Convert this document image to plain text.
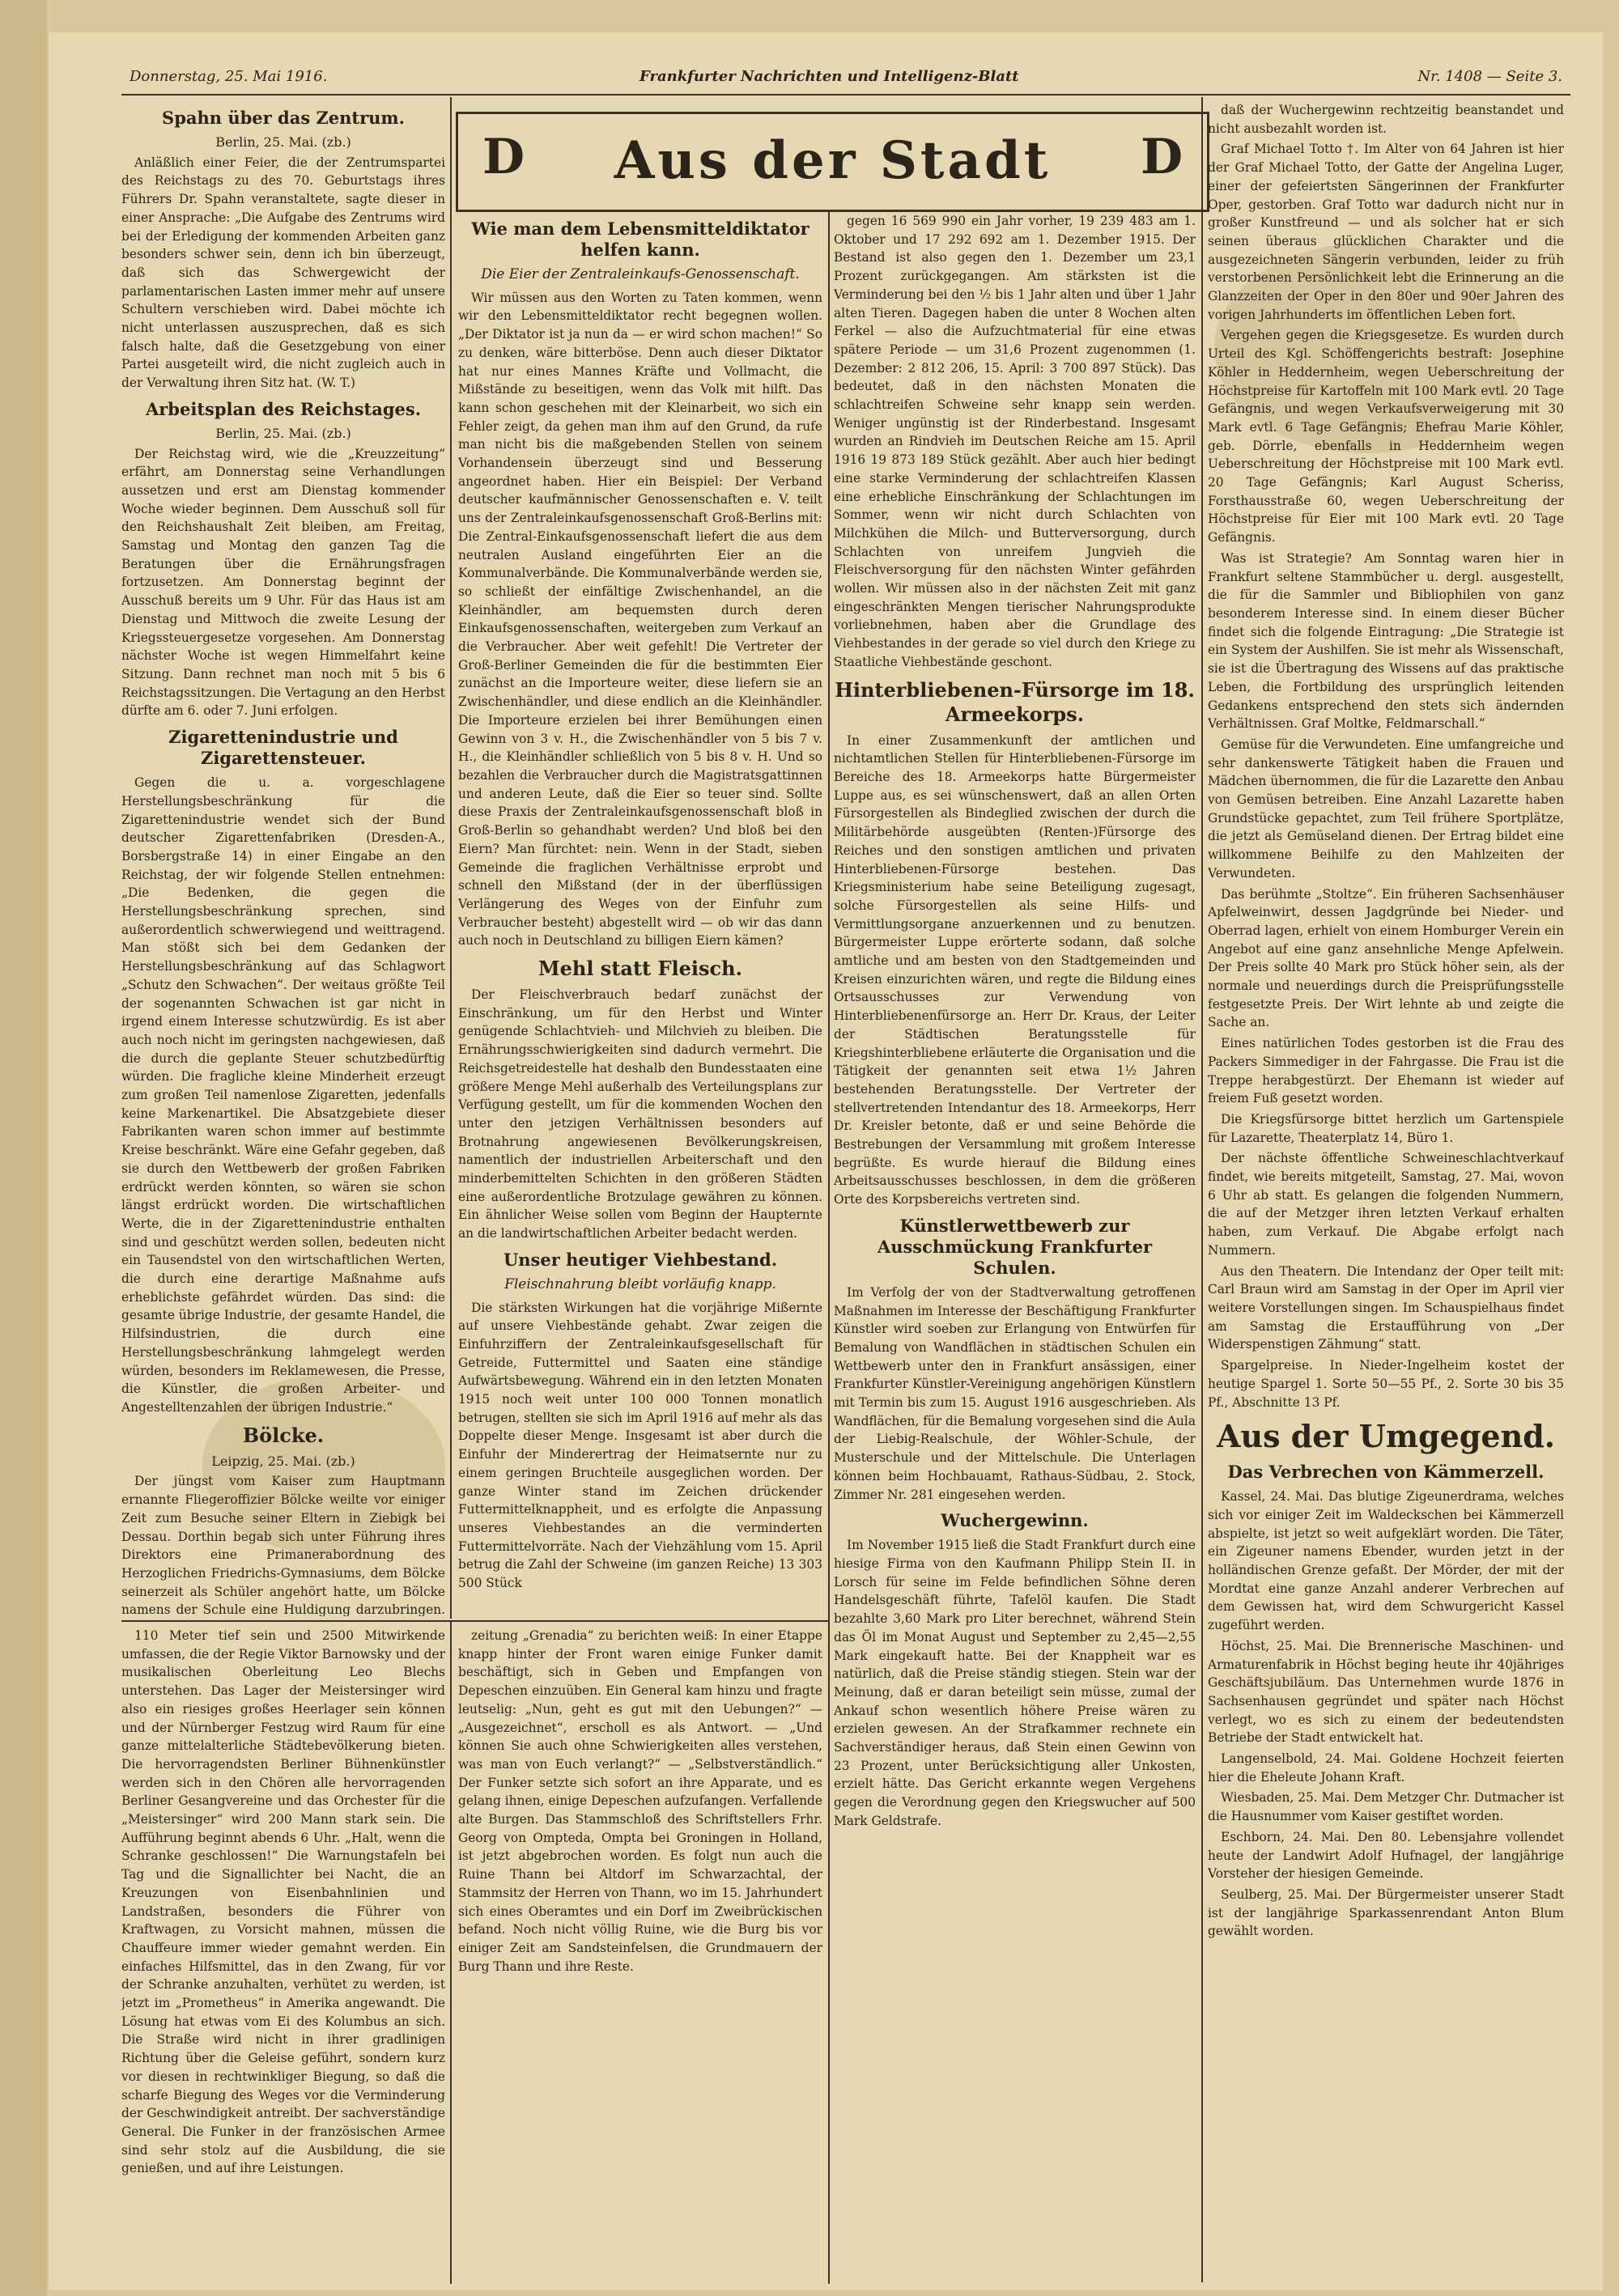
Donnerstag, 25. Mai 1916.	Frankfurter Nachrichten und Intelligenz-Blatt	Nr. 1408 — Seite 3.
D	Aus der Stadt	D
Spahn über das Zentrum.
Berlin, 25. Mai. (zb.)

Anläßlich einer Feier, die der Zentrumspartei des Reichstags zu des 70. Geburtstags ihres Führers Dr. Spahn veranstaltete, sagte dieser in einer Ansprache: „Die Aufgabe des Zentrums wird bei der Erledigung der kommenden Arbeiten ganz besonders schwer sein, denn ich bin überzeugt, daß sich das Schwergewicht der parlamentarischen Lasten immer mehr auf unsere Schultern verschieben wird. Dabei möchte ich nicht unterlassen auszusprechen, daß es sich falsch halte, daß die Gesetzgebung von einer Partei ausgeteilt wird, die nicht zugleich auch in der Verwaltung ihren Sitz hat. (W. T.)

Arbeitsplan des Reichstages.
Berlin, 25. Mai. (zb.)

Der Reichstag wird, wie die „Kreuzzeitung“ erfährt, am Donnerstag seine Verhandlungen aussetzen und erst am Dienstag kommender Woche wieder beginnen. Dem Ausschuß soll für den Reichshaushalt Zeit bleiben, am Freitag, Samstag und Montag den ganzen Tag die Beratungen über die Ernährungsfragen fortzusetzen. Am Donnerstag beginnt der Ausschuß bereits um 9 Uhr. Für das Haus ist am Dienstag und Mittwoch die zweite Lesung der Kriegssteuergesetze vorgesehen. Am Donnerstag nächster Woche ist wegen Himmelfahrt keine Sitzung. Dann rechnet man noch mit 5 bis 6 Reichstagssitzungen. Die Vertagung an den Herbst dürfte am 6. oder 7. Juni erfolgen.

Zigarettenindustrie und Zigarettensteuer.

Gegen die u. a. vorgeschlagene Herstellungsbeschränkung für die Zigarettenindustrie wendet sich der Bund deutscher Zigarettenfabriken (Dresden-A., Borsbergstraße 14) in einer Eingabe an den Reichstag, der wir folgende Stellen entnehmen: „Die Bedenken, die gegen die Herstellungsbeschränkung sprechen, sind außerordentlich schwerwiegend und weittragend. Man stößt sich bei dem Gedanken der Herstellungsbeschränkung auf das Schlagwort „Schutz den Schwachen“. Der weitaus größte Teil der sogenannten Schwachen ist gar nicht in irgend einem Interesse schutzwürdig. Es ist aber auch noch nicht im geringsten nachgewiesen, daß die durch die geplante Steuer schutzbedürftig würden. Die fragliche kleine Minderheit erzeugt zum großen Teil namenlose Zigaretten, jedenfalls keine Markenartikel. Die Absatzgebiete dieser Fabrikanten waren schon immer auf bestimmte Kreise beschränkt. Wäre eine Gefahr gegeben, daß sie durch den Wettbewerb der großen Fabriken erdrückt werden könnten, so wären sie schon längst erdrückt worden. Die wirtschaftlichen Werte, die in der Zigarettenindustrie enthalten sind und geschützt werden sollen, bedeuten nicht ein Tausendstel von den wirtschaftlichen Werten, die durch eine derartige Maßnahme aufs erheblichste gefährdet würden. Das sind: die gesamte übrige Industrie, der gesamte Handel, die Hilfsindustrien, die durch eine Herstellungsbeschränkung lahmgelegt werden würden, besonders im Reklamewesen, die Presse, die Künstler, die großen Arbeiter- und Angestelltenzahlen der übrigen Industrie.“

Bölcke.
Leipzig, 25. Mai. (zb.)

Der jüngst vom Kaiser zum Hauptmann ernannte Fliegeroffizier Bölcke weilte vor einiger Zeit zum Besuche seiner Eltern in Ziebigk bei Dessau. Dorthin begab sich unter Führung ihres Direktors eine Primanerabordnung des Herzoglichen Friedrichs-Gymnasiums, dem Bölcke seinerzeit als Schüler angehört hatte, um Bölcke namens der Schule eine Huldigung darzubringen.

Wie man dem Lebensmitteldiktator helfen kann.
Die Eier der Zentraleinkaufs-Genossenschaft.

Wir müssen aus den Worten zu Taten kommen, wenn wir den Lebensmitteldiktator recht begegnen wollen. „Der Diktator ist ja nun da — er wird schon machen!“ So zu denken, wäre bitterböse. Denn auch dieser Diktator hat nur eines Mannes Kräfte und Vollmacht, die Mißstände zu beseitigen, wenn das Volk mit hilft. Das kann schon geschehen mit der Kleinarbeit, wo sich ein Fehler zeigt, da gehen man ihm auf den Grund, da rufe man nicht bis die maßgebenden Stellen von seinem Vorhandensein überzeugt sind und Besserung angeordnet haben. Hier ein Beispiel: Der Verband deutscher kaufmännischer Genossenschaften e. V. teilt uns der Zentraleinkaufsgenossenschaft Groß-Berlins mit: Die Zentral-Einkaufsgenossenschaft liefert die aus dem neutralen Ausland eingeführten Eier an die Kommunalverbände. Die Kommunalverbände werden sie, so schließt der einfältige Zwischenhandel, an die Kleinhändler, am bequemsten durch deren Einkaufsgenossenschaften, weitergeben zum Verkauf an die Verbraucher. Aber weit gefehlt! Die Vertreter der Groß-Berliner Gemeinden die für die bestimmten Eier zunächst an die Importeure weiter, diese liefern sie an Zwischenhändler, und diese endlich an die Kleinhändler. Die Importeure erzielen bei ihrer Bemühungen einen Gewinn von 3 v. H., die Zwischenhändler von 5 bis 7 v. H., die Kleinhändler schließlich von 5 bis 8 v. H. Und so bezahlen die Verbraucher durch die Magistratsgattinnen und anderen Leute, daß die Eier so teuer sind. Sollte diese Praxis der Zentraleinkaufsgenossenschaft bloß in Groß-Berlin so gehandhabt werden? Und bloß bei den Eiern? Man fürchtet: nein. Wenn in der Stadt, sieben Gemeinde die fraglichen Verhältnisse erprobt und schnell den Mißstand (der in der überflüssigen Verlängerung des Weges von der Einfuhr zum Verbraucher besteht) abgestellt wird — ob wir das dann auch noch in Deutschland zu billigen Eiern kämen?

Mehl statt Fleisch.

Der Fleischverbrauch bedarf zunächst der Einschränkung, um für den Herbst und Winter genügende Schlachtvieh- und Milchvieh zu bleiben. Die Ernährungsschwierigkeiten sind dadurch vermehrt. Die Reichsgetreidestelle hat deshalb den Bundesstaaten eine größere Menge Mehl außerhalb des Verteilungsplans zur Verfügung gestellt, um für die kommenden Wochen den unter den jetzigen Verhältnissen besonders auf Brotnahrung angewiesenen Bevölkerungskreisen, namentlich der industriellen Arbeiterschaft und den minderbemittelten Schichten in den größeren Städten eine außerordentliche Brotzulage gewähren zu können. Ein ähnlicher Weise sollen vom Beginn der Haupternte an die landwirtschaftlichen Arbeiter bedacht werden.

Unser heutiger Viehbestand.
Fleischnahrung bleibt vorläufig knapp.

Die stärksten Wirkungen hat die vorjährige Mißernte auf unsere Viehbestände gehabt. Zwar zeigen die Einfuhrziffern der Zentraleinkaufsgesellschaft für Getreide, Futtermittel und Saaten eine ständige Aufwärtsbewegung. Während ein in den letzten Monaten 1915 noch weit unter 100 000 Tonnen monatlich betrugen, stellten sie sich im April 1916 auf mehr als das Doppelte dieser Menge. Insgesamt ist aber durch die Einfuhr der Minderertrag der Heimatsernte nur zu einem geringen Bruchteile ausgeglichen worden. Der ganze Winter stand im Zeichen drückender Futtermittelknappheit, und es erfolgte die Anpassung unseres Viehbestandes an die verminderten Futtermittelvorräte. Nach der Viehzählung vom 15. April betrug die Zahl der Schweine (im ganzen Reiche) 13 303 500 Stück

gegen 16 569 990 ein Jahr vorher, 19 239 483 am 1. Oktober und 17 292 692 am 1. Dezember 1915. Der Bestand ist also gegen den 1. Dezember um 23,1 Prozent zurückgegangen. Am stärksten ist die Verminderung bei den ½ bis 1 Jahr alten und über 1 Jahr alten Tieren. Dagegen haben die unter 8 Wochen alten Ferkel — also die Aufzuchtmaterial für eine etwas spätere Periode — um 31,6 Prozent zugenommen (1. Dezember: 2 812 206, 15. April: 3 700 897 Stück). Das bedeutet, daß in den nächsten Monaten die schlachtreifen Schweine sehr knapp sein werden. Weniger ungünstig ist der Rinderbestand. Insgesamt wurden an Rindvieh im Deutschen Reiche am 15. April 1916 19 873 189 Stück gezählt. Aber auch hier bedingt eine starke Verminderung der schlachtreifen Klassen eine erhebliche Einschränkung der Schlachtungen im Sommer, wenn wir nicht durch Schlachten von Milchkühen die Milch- und Butterversorgung, durch Schlachten von unreifem Jungvieh die Fleischversorgung für den nächsten Winter gefährden wollen. Wir müssen also in der nächsten Zeit mit ganz eingeschränkten Mengen tierischer Nahrungsprodukte vorliebnehmen, haben aber die Grundlage des Viehbestandes in der gerade so viel durch den Kriege zu Staatliche Viehbestände geschont.

Hinterbliebenen-Fürsorge im 18. Armeekorps.

In einer Zusammenkunft der amtlichen und nichtamtlichen Stellen für Hinterbliebenen-Fürsorge im Bereiche des 18. Armeekorps hatte Bürgermeister Luppe aus, es sei wünschenswert, daß an allen Orten Fürsorgestellen als Bindeglied zwischen der durch die Militärbehörde ausgeübten (Renten-)Fürsorge des Reiches und den sonstigen amtlichen und privaten Hinterbliebenen-Fürsorge bestehen. Das Kriegsministerium habe seine Beteiligung zugesagt, solche Fürsorgestellen als seine Hilfs- und Vermittlungsorgane anzuerkennen und zu benutzen. Bürgermeister Luppe erörterte sodann, daß solche amtliche und am besten von den Stadtgemeinden und Kreisen einzurichten wären, und regte die Bildung eines Ortsausschusses zur Verwendung von Hinterbliebenenfürsorge an. Herr Dr. Kraus, der Leiter der Städtischen Beratungsstelle für Kriegshinterbliebene erläuterte die Organisation und die Tätigkeit der genannten seit etwa 1½ Jahren bestehenden Beratungsstelle. Der Vertreter der stellvertretenden Intendantur des 18. Armeekorps, Herr Dr. Kreisler betonte, daß er und seine Behörde die Bestrebungen der Versammlung mit großem Interesse begrüßte. Es wurde hierauf die Bildung eines Arbeitsausschusses beschlossen, in dem die größeren Orte des Korpsbereichs vertreten sind.

Künstlerwettbewerb zur Ausschmückung Frankfurter Schulen.

Im Verfolg der von der Stadtverwaltung getroffenen Maßnahmen im Interesse der Beschäftigung Frankfurter Künstler wird soeben zur Erlangung von Entwürfen für Bemalung von Wandflächen in städtischen Schulen ein Wettbewerb unter den in Frankfurt ansässigen, einer Frankfurter Künstler-Vereinigung angehörigen Künstlern mit Termin bis zum 15. August 1916 ausgeschrieben. Als Wandflächen, für die Bemalung vorgesehen sind die Aula der Liebig-Realschule, der Wöhler-Schule, der Musterschule und der Mittelschule. Die Unterlagen können beim Hochbauamt, Rathaus-Südbau, 2. Stock, Zimmer Nr. 281 eingesehen werden.

Wuchergewinn.

Im November 1915 ließ die Stadt Frankfurt durch eine hiesige Firma von den Kaufmann Philipp Stein II. in Lorsch für seine im Felde befindlichen Söhne deren Handelsgeschäft führte, Tafelöl kaufen. Die Stadt bezahlte 3,60 Mark pro Liter berechnet, während Stein das Öl im Monat August und September zu 2,45—2,55 Mark eingekauft hatte. Bei der Knappheit war es natürlich, daß die Preise ständig stiegen. Stein war der Meinung, daß er daran beteiligt sein müsse, zumal der Ankauf schon wesentlich höhere Preise wären zu erzielen gewesen. An der Strafkammer rechnete ein Sachverständiger heraus, daß Stein einen Gewinn von 23 Prozent, unter Berücksichtigung aller Unkosten, erzielt hätte. Das Gericht erkannte wegen Vergehens gegen die Verordnung gegen den Kriegswucher auf 500 Mark Geldstrafe.

daß der Wuchergewinn rechtzeitig beanstandet und nicht ausbezahlt worden ist.

Graf Michael Totto †. Im Alter von 64 Jahren ist hier der Graf Michael Totto, der Gatte der Angelina Luger, einer der gefeiertsten Sängerinnen der Frankfurter Oper, gestorben. Graf Totto war dadurch nicht nur in großer Kunstfreund — und als solcher hat er sich seinen überaus glücklichen Charakter und die ausgezeichneten Sängerin verbunden, leider zu früh verstorbenen Persönlichkeit lebt die Erinnerung an die Glanzzeiten der Oper in den 80er und 90er Jahren des vorigen Jahrhunderts im öffentlichen Leben fort.

Vergehen gegen die Kriegsgesetze. Es wurden durch Urteil des Kgl. Schöffengerichts bestraft: Josephine Köhler in Heddernheim, wegen Ueberschreitung der Höchstpreise für Kartoffeln mit 100 Mark evtl. 20 Tage Gefängnis, und wegen Verkaufsverweigerung mit 30 Mark evtl. 6 Tage Gefängnis; Ehefrau Marie Köhler, geb. Dörrle, ebenfalls in Heddernheim wegen Ueberschreitung der Höchstpreise mit 100 Mark evtl. 20 Tage Gefängnis; Karl August Scheriss, Forsthausstraße 60, wegen Ueberschreitung der Höchstpreise für Eier mit 100 Mark evtl. 20 Tage Gefängnis.

Was ist Strategie? Am Sonntag waren hier in Frankfurt seltene Stammbücher u. dergl. ausgestellt, die für die Sammler und Bibliophilen von ganz besonderem Interesse sind. In einem dieser Bücher findet sich die folgende Eintragung: „Die Strategie ist ein System der Aushilfen. Sie ist mehr als Wissenschaft, sie ist die Übertragung des Wissens auf das praktische Leben, die Fortbildung des ursprünglich leitenden Gedankens entsprechend den stets sich ändernden Verhältnissen. Graf Moltke, Feldmarschall.“

Gemüse für die Verwundeten. Eine umfangreiche und sehr dankenswerte Tätigkeit haben die Frauen und Mädchen übernommen, die für die Lazarette den Anbau von Gemüsen betreiben. Eine Anzahl Lazarette haben Grundstücke gepachtet, zum Teil frühere Sportplätze, die jetzt als Gemüseland dienen. Der Ertrag bildet eine willkommene Beihilfe zu den Mahlzeiten der Verwundeten.

Das berühmte „Stoltze“. Ein früheren Sachsenhäuser Apfelweinwirt, dessen Jagdgründe bei Nieder- und Oberrad lagen, erhielt von einem Homburger Verein ein Angebot auf eine ganz ansehnliche Menge Apfelwein. Der Preis sollte 40 Mark pro Stück höher sein, als der normale und neuerdings durch die Preisprüfungsstelle festgesetzte Preis. Der Wirt lehnte ab und zeigte die Sache an.

Eines natürlichen Todes gestorben ist die Frau des Packers Simmediger in der Fahrgasse. Die Frau ist die Treppe herabgestürzt. Der Ehemann ist wieder auf freiem Fuß gesetzt worden.

Die Kriegsfürsorge bittet herzlich um Gartenspiele für Lazarette, Theaterplatz 14, Büro 1.

Der nächste öffentliche Schweineschlachtverkauf findet, wie bereits mitgeteilt, Samstag, 27. Mai, wovon 6 Uhr ab statt. Es gelangen die folgenden Nummern, die auf der Metzger ihren letzten Verkauf erhalten haben, zum Verkauf. Die Abgabe erfolgt nach Nummern.

Aus den Theatern. Die Intendanz der Oper teilt mit: Carl Braun wird am Samstag in der Oper im April vier weitere Vorstellungen singen. Im Schauspielhaus findet am Samstag die Erstaufführung von „Der Widerspenstigen Zähmung“ statt.

Spargelpreise. In Nieder-Ingelheim kostet der heutige Spargel 1. Sorte 50—55 Pf., 2. Sorte 30 bis 35 Pf., Abschnitte 13 Pf.

Aus der Umgegend.
Das Verbrechen von Kämmerzell.

Kassel, 24. Mai. Das blutige Zigeunerdrama, welches sich vor einiger Zeit im Waldeckschen bei Kämmerzell abspielte, ist jetzt so weit aufgeklärt worden. Die Täter, ein Zigeuner namens Ebender, wurden jetzt in der holländischen Grenze gefaßt. Der Mörder, der mit der Mordtat eine ganze Anzahl anderer Verbrechen auf dem Gewissen hat, wird dem Schwurgericht Kassel zugeführt werden.

Höchst, 25. Mai. Die Brennerische Maschinen- und Armaturenfabrik in Höchst beging heute ihr 40jähriges Geschäftsjubiläum. Das Unternehmen wurde 1876 in Sachsenhausen gegründet und später nach Höchst verlegt, wo es sich zu einem der bedeutendsten Betriebe der Stadt entwickelt hat.

Langenselbold, 24. Mai. Goldene Hochzeit feierten hier die Eheleute Johann Kraft.

Wiesbaden, 25. Mai. Dem Metzger Chr. Dutmacher ist die Hausnummer vom Kaiser gestiftet worden.

Eschborn, 24. Mai. Den 80. Lebensjahre vollendet heute der Landwirt Adolf Hufnagel, der langjährige Vorsteher der hiesigen Gemeinde.

Seulberg, 25. Mai. Der Bürgermeister unserer Stadt ist der langjährige Sparkassenrendant Anton Blum gewählt worden.

110 Meter tief sein und 2500 Mitwirkende umfassen, die der Regie Viktor Barnowsky und der musikalischen Oberleitung Leo Blechs unterstehen. Das Lager der Meistersinger wird also ein riesiges großes Heerlager sein können und der Nürnberger Festzug wird Raum für eine ganze mittelalterliche Städtebevölkerung bieten. Die hervorragendsten Berliner Bühnenkünstler werden sich in den Chören alle hervorragenden Berliner Gesangvereine und das Orchester für die „Meistersinger“ wird 200 Mann stark sein. Die Aufführung beginnt abends 6 Uhr. „Halt, wenn die Schranke geschlossen!“ Die Warnungstafeln bei Tag und die Signallichter bei Nacht, die an Kreuzungen von Eisenbahnlinien und Landstraßen, besonders die Führer von Kraftwagen, zu Vorsicht mahnen, müssen die Chauffeure immer wieder gemahnt werden. Ein einfaches Hilfsmittel, das in den Zwang, für vor der Schranke anzuhalten, verhütet zu werden, ist jetzt im „Prometheus“ in Amerika angewandt. Die Lösung hat etwas vom Ei des Kolumbus an sich. Die Straße wird nicht in ihrer gradlinigen Richtung über die Geleise geführt, sondern kurz vor diesen in rechtwinkliger Biegung, so daß die scharfe Biegung des Weges vor die Verminderung der Geschwindigkeit antreibt. Der sachverständige General. Die Funker in der französischen Armee sind sehr stolz auf die Ausbildung, die sie genießen, und auf ihre Leistungen.

zeitung „Grenadia“ zu berichten weiß: In einer Etappe knapp hinter der Front waren einige Funker damit beschäftigt, sich in Geben und Empfangen von Depeschen einzuüben. Ein General kam hinzu und fragte leutselig: „Nun, geht es gut mit den Uebungen?“ — „Ausgezeichnet“, erscholl es als Antwort. — „Und können Sie auch ohne Schwierigkeiten alles verstehen, was man von Euch verlangt?“ — „Selbstverständlich.“ Der Funker setzte sich sofort an ihre Apparate, und es gelang ihnen, einige Depeschen aufzufangen. Verfallende alte Burgen. Das Stammschloß des Schriftstellers Frhr. Georg von Ompteda, Ompta bei Groningen in Holland, ist jetzt abgebrochen worden. Es folgt nun auch die Ruine Thann bei Altdorf im Schwarzachtal, der Stammsitz der Herren von Thann, wo im 15. Jahrhundert sich eines Oberamtes und ein Dorf im Zweibrückischen befand. Noch nicht völlig Ruine, wie die Burg bis vor einiger Zeit am Sandsteinfelsen, die Grundmauern der Burg Thann und ihre Reste.
